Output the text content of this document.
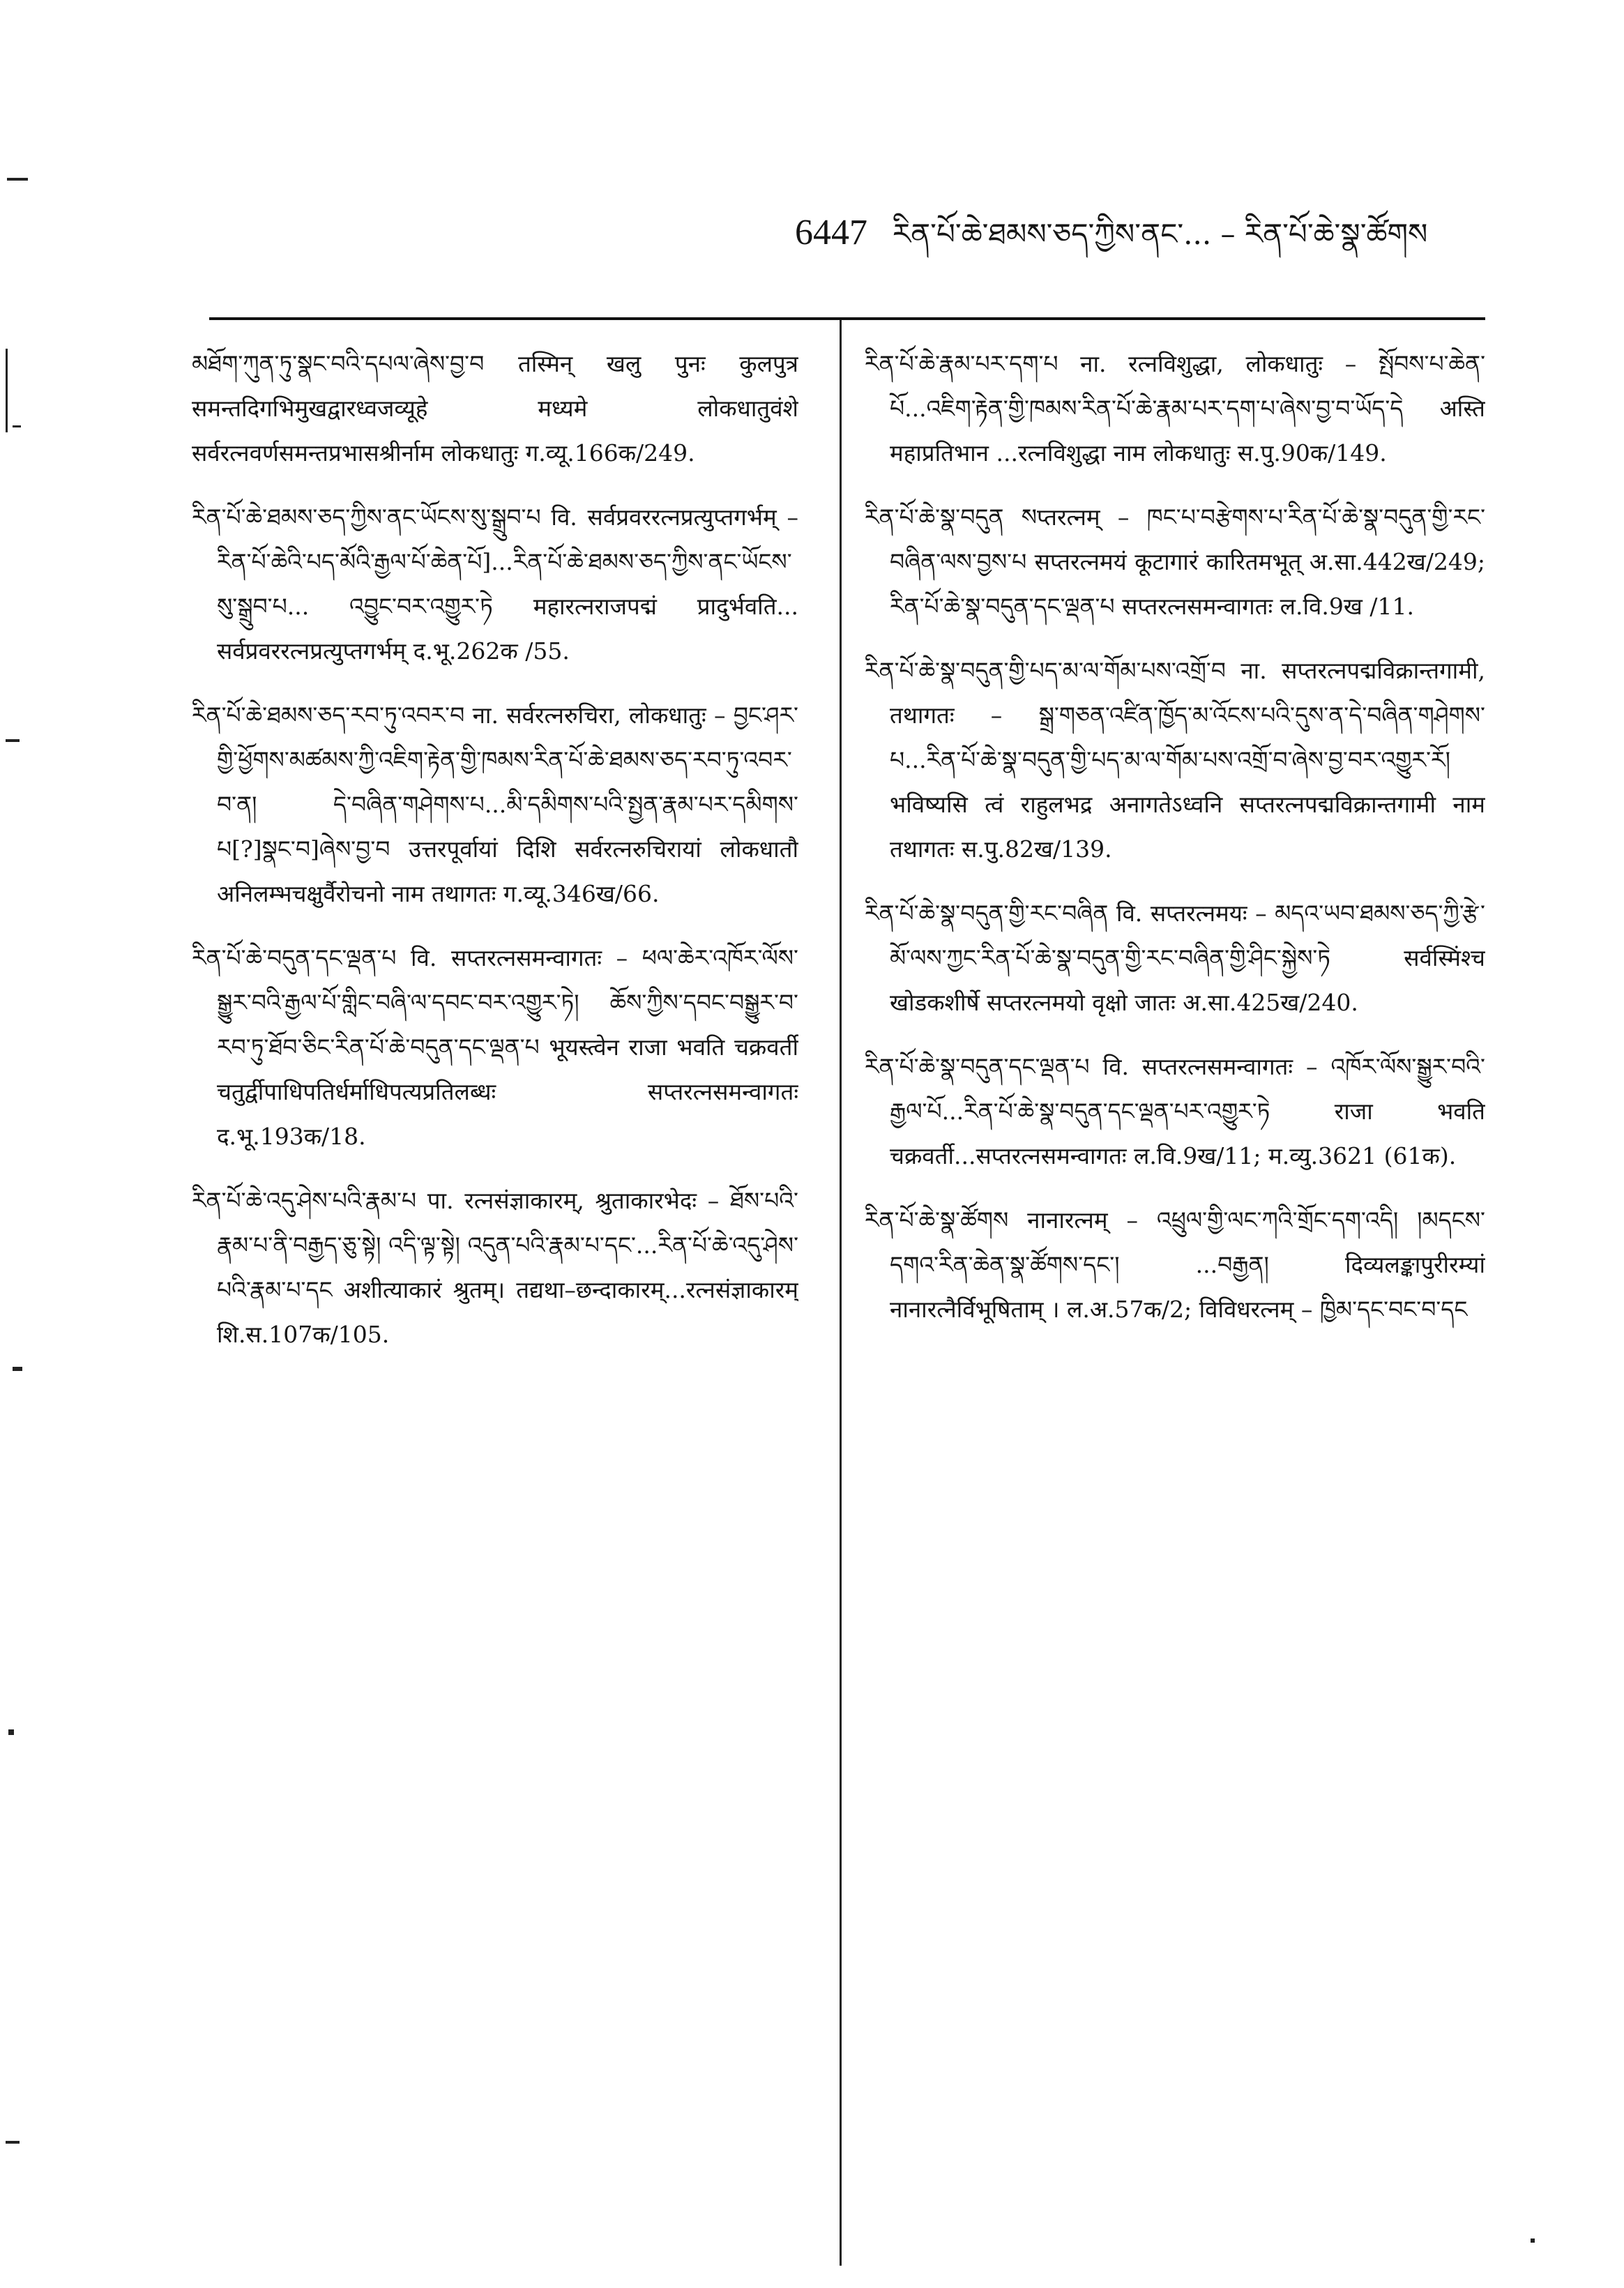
6447 རིན་པོ་ཆེ་ཐམས་ཅད་ཀྱིས་ནང་... – རིན་པོ་ཆེ་སྣ་ཚོགས

མཐོག་ཀུན་ཏུ་སྣང་བའི་དཔལ་ཞེས་བྱ་བ तस्मिन् खलु पुनः कुलपुत्र समन्तदिगभिमुखद्वारध्वजव्यूहे मध्यमे लोकधातुवंशे सर्वरत्नवर्णसमन्तप्रभासश्रीर्नाम लोकधातुः ग.व्यू.166क/249.

རིན་པོ་ཆེ་ཐམས་ཅད་ཀྱིས་ནང་ཡོངས་སུ་སྒྲུབ་པ वि. सर्वप्रवररत्नप्रत्युप्तगर्भम् – རིན་པོ་ཆེའི་པད་མོའི་རྒྱལ་པོ་ཆེན་པོ]...རིན་པོ་ཆེ་ཐམས་ཅད་ཀྱིས་ནང་ཡོངས་སུ་སྒྲུབ་པ... འབྱུང་བར་འགྱུར་ཏེ महारत्नराजपद्मं प्रादुर्भवति... सर्वप्रवररत्नप्रत्युप्तगर्भम् द.भू.262क /55.

རིན་པོ་ཆེ་ཐམས་ཅད་རབ་ཏུ་འབར་བ ना. सर्वरत्नरुचिरा, लोकधातुः – བྱང་ཤར་གྱི་ཕྱོགས་མཚམས་ཀྱི་འཇིག་རྟེན་གྱི་ཁམས་རིན་པོ་ཆེ་ཐམས་ཅད་རབ་ཏུ་འབར་བ་ན། དེ་བཞིན་གཤེགས་པ...མི་དམིགས་པའི་སྤྱན་རྣམ་པར་དམིགས་པ[?]སྣང་བ]ཞེས་བྱ་བ उत्तरपूर्वायां दिशि सर्वरत्नरुचिरायां लोकधातौ अनिलम्भचक्षुर्वैरोचनो नाम तथागतः ग.व्यू.346ख/66.

རིན་པོ་ཆེ་བདུན་དང་ལྡན་པ वि. सप्तरत्नसमन्वागतः – ཕལ་ཆེར་འཁོར་ལོས་སྒྱུར་བའི་རྒྱལ་པོ་གླིང་བཞི་ལ་དབང་བར་འགྱུར་ཏེ། ཆོས་ཀྱིས་དབང་བསྒྱུར་བ་རབ་ཏུ་ཐོབ་ཅིང་རིན་པོ་ཆེ་བདུན་དང་ལྡན་པ भूयस्त्वेन राजा भवति चक्रवर्ती चतुर्द्वीपाधिपतिर्धर्माधिपत्यप्रतिलब्धः सप्तरत्नसमन्वागतः द.भू.193क/18.

རིན་པོ་ཆེ་འདུ་ཤེས་པའི་རྣམ་པ पा. रत्नसंज्ञाकारम्, श्रुताकारभेदः – ཐོས་པའི་རྣམ་པ་ནི་བརྒྱད་ཅུ་སྟེ། འདི་ལྟ་སྟེ། འདུན་པའི་རྣམ་པ་དང་...རིན་པོ་ཆེ་འདུ་ཤེས་པའི་རྣམ་པ་དང अशीत्याकारं श्रुतम्। तद्यथा–छन्दाकारम्...रत्नसंज्ञाकारम् शि.स.107क/105.

རིན་པོ་ཆེ་རྣམ་པར་དག་པ ना. रत्नविशुद्धा, लोकधातुः – སྤོབས་པ་ཆེན་པོ...འཇིག་རྟེན་གྱི་ཁམས་རིན་པོ་ཆེ་རྣམ་པར་དག་པ་ཞེས་བྱ་བ་ཡོད་དེ अस्ति महाप्रतिभान ...रत्नविशुद्धा नाम लोकधातुः स.पु.90क/149.

རིན་པོ་ཆེ་སྣ་བདུན སप्तरत्नम् – ཁང་པ་བརྩེགས་པ་རིན་པོ་ཆེ་སྣ་བདུན་གྱི་རང་བཞིན་ལས་བྱས་པ सप्तरत्नमयं कूटागारं कारितमभूत् अ.सा.442ख/249; རིན་པོ་ཆེ་སྣ་བདུན་དང་ལྡན་པ सप्तरत्नसमन्वागतः ल.वि.9ख /11.

རིན་པོ་ཆེ་སྣ་བདུན་གྱི་པད་མ་ལ་གོམ་པས་འགྲོ་བ ना. सप्तरत्नपद्मविक्रान्तगामी, तथागतः – སྒྲ་གཅན་འཛིན་ཁྱོད་མ་འོངས་པའི་དུས་ན་དེ་བཞིན་གཤེགས་པ...རིན་པོ་ཆེ་སྣ་བདུན་གྱི་པད་མ་ལ་གོམ་པས་འགྲོ་བ་ཞེས་བྱ་བར་འགྱུར་རོ། भविष्यसि त्वं राहुलभद्र अनागतेऽध्वनि सप्तरत्नपद्मविक्रान्तगामी नाम तथागतः स.पु.82ख/139.

རིན་པོ་ཆེ་སྣ་བདུན་གྱི་རང་བཞིན वि. सप्तरत्नमयः – མདའ་ཡབ་ཐམས་ཅད་ཀྱི་རྩེ་མོ་ལས་ཀྱང་རིན་པོ་ཆེ་སྣ་བདུན་གྱི་རང་བཞིན་གྱི་ཤིང་སྐྱེས་ཏེ सर्वस्मिंश्च खोडकशीर्षे सप्तरत्नमयो वृक्षो जातः अ.सा.425ख/240.

རིན་པོ་ཆེ་སྣ་བདུན་དང་ལྡན་པ वि. सप्तरत्नसमन्वागतः – འཁོར་ལོས་སྒྱུར་བའི་རྒྱལ་པོ...རིན་པོ་ཆེ་སྣ་བདུན་དང་ལྡན་པར་འགྱུར་ཏེ राजा भवति चक्रवर्ती...सप्तरत्नसमन्वागतः ल.वि.9ख/11; म.व्यु.3621 (61क).

རིན་པོ་ཆེ་སྣ་ཚོགས नानारत्नम् – འཕྲུལ་གྱི་ལང་ཀའི་གྲོང་དག་འདི། །མདངས་དགའ་རིན་ཆེན་སྣ་ཚོགས་དང་། ...བརྒྱན། दिव्यलङ्कापुरीरम्यां नानारत्नैर्विभूषिताम् । ल.अ.57क/2; विविधरत्नम् – ཁྱིམ་དང་བང་བ་དང
